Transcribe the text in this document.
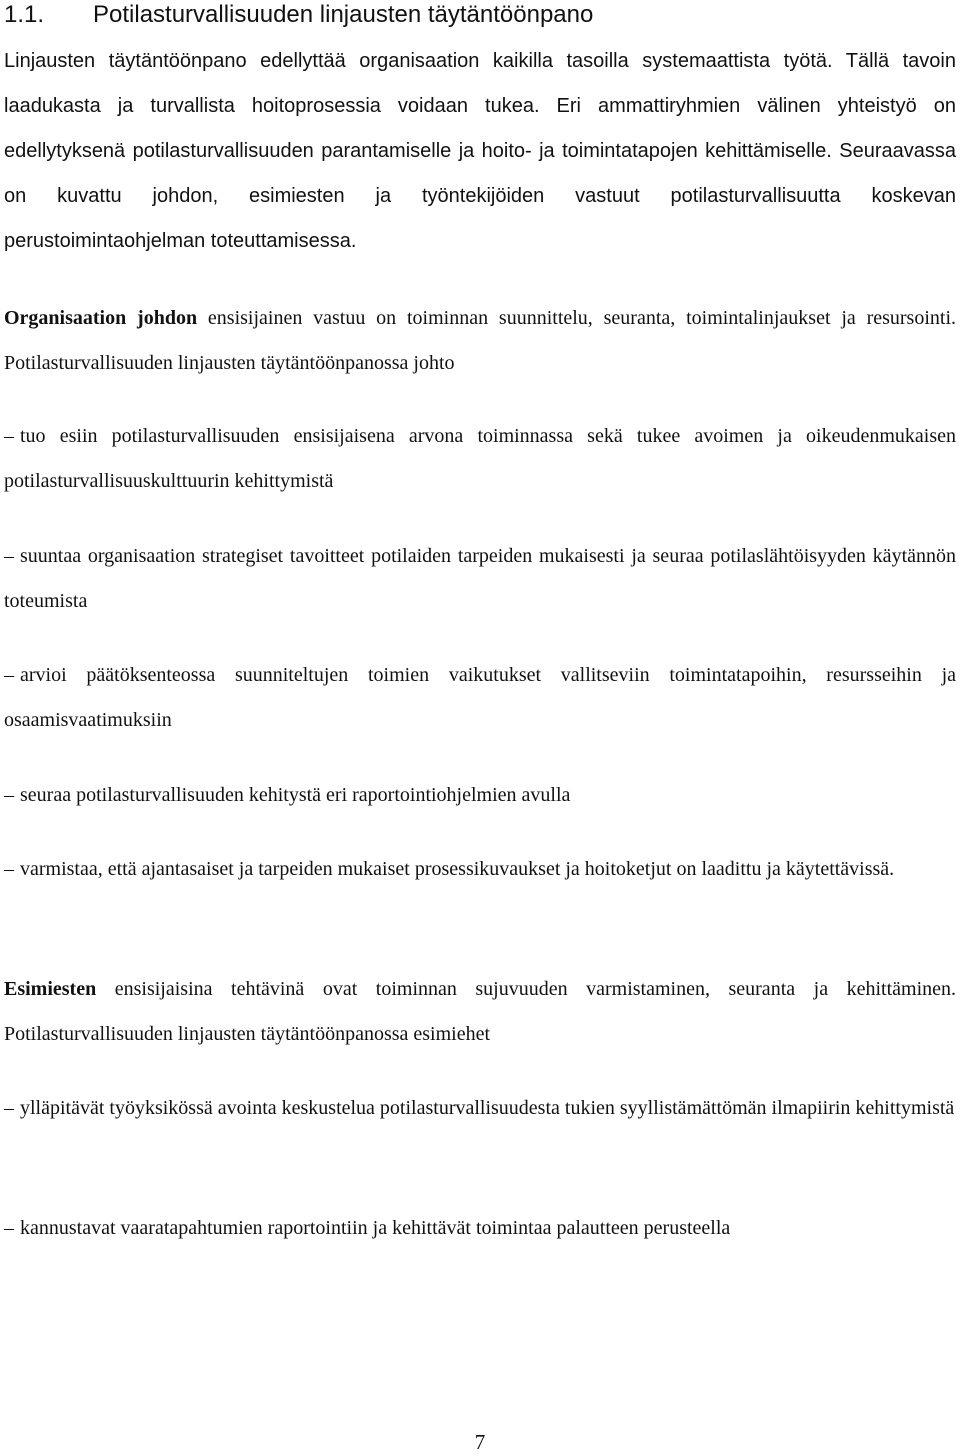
1.1. Potilasturvallisuuden linjausten täytäntöönpano

Linjausten täytäntöönpano edellyttää organisaation kaikilla tasoilla systemaattista työtä. Tällä tavoin laadukasta ja turvallista hoitoprosessia voidaan tukea. Eri ammattiryhmien välinen yhteistyö on edellytyksenä potilasturvallisuuden parantamiselle ja hoito- ja toimintatapojen kehittämiselle. Seuraavassa on kuvattu johdon, esimiesten ja työntekijöiden vastuut potilasturvallisuutta koskevan perustoimintaohjelman toteuttamisessa.

Organisaation johdon ensisijainen vastuu on toiminnan suunnittelu, seuranta, toimintalinjaukset ja resursointi. Potilasturvallisuuden linjausten täytäntöönpanossa johto

– tuo esiin potilasturvallisuuden ensisijaisena arvona toiminnassa sekä tukee avoimen ja oikeudenmukaisen potilasturvallisuuskulttuurin kehittymistä

– suuntaa organisaation strategiset tavoitteet potilaiden tarpeiden mukaisesti ja seuraa potilaslähtöisyyden käytännön toteumista

– arvioi päätöksenteossa suunniteltujen toimien vaikutukset vallitseviin toimintatapoihin, resursseihin ja osaamisvaatimuksiin

– seuraa potilasturvallisuuden kehitystä eri raportointiohjelmien avulla

– varmistaa, että ajantasaiset ja tarpeiden mukaiset prosessikuvaukset ja hoitoketjut on laadittu ja käytettävissä.

Esimiesten ensisijaisina tehtävinä ovat toiminnan sujuvuuden varmistaminen, seuranta ja kehittäminen. Potilasturvallisuuden linjausten täytäntöönpanossa esimiehet

– ylläpitävät työyksikössä avointa keskustelua potilasturvallisuudesta tukien syyllistämättömän ilmapiirin kehittymistä

– kannustavat vaaratapahtumien raportointiin ja kehittävät toimintaa palautteen perusteella

7
